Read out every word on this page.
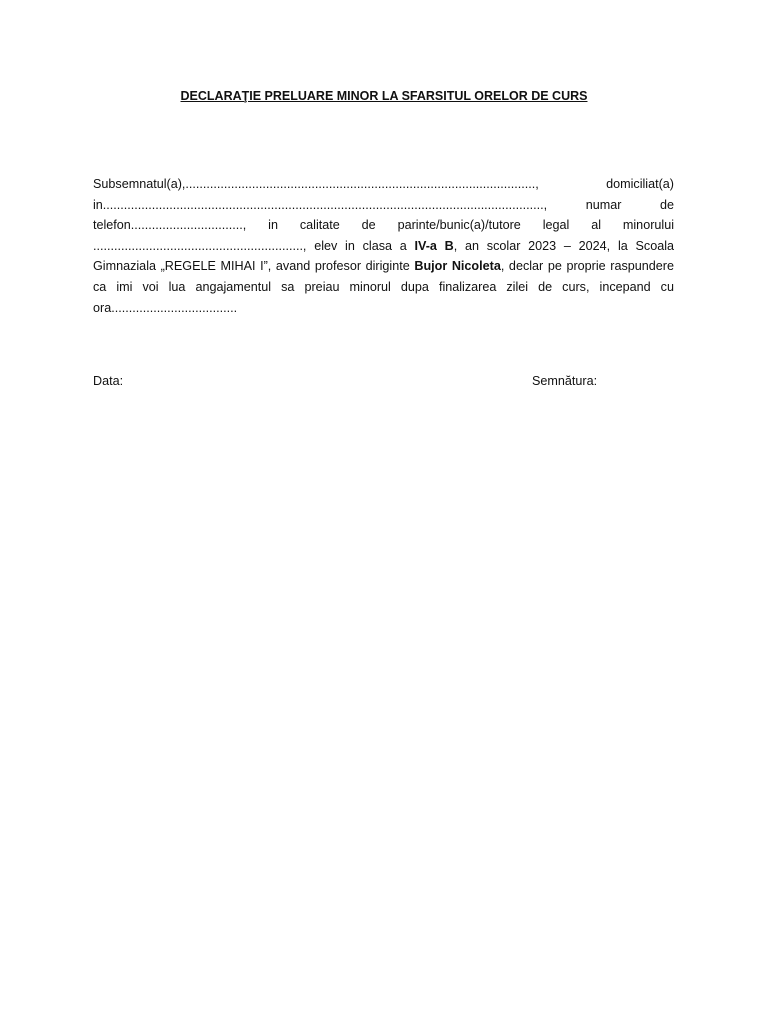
DECLARAŢIE PRELUARE MINOR LA SFARSITUL ORELOR DE CURS
Subsemnatul(a),...................................................................................................., domiciliat(a) in.............................................................................................................................., numar de telefon................................, in calitate de parinte/bunic(a)/tutore legal al minorului ............................................................, elev in clasa a IV-a B, an scolar 2023 – 2024, la Scoala Gimnaziala „REGELE MIHAI I”, avand profesor diriginte Bujor Nicoleta, declar pe proprie raspundere ca imi voi lua angajamentul sa preiau minorul dupa finalizarea zilei de curs, incepand cu ora....................................
Data:	Semnătura:
